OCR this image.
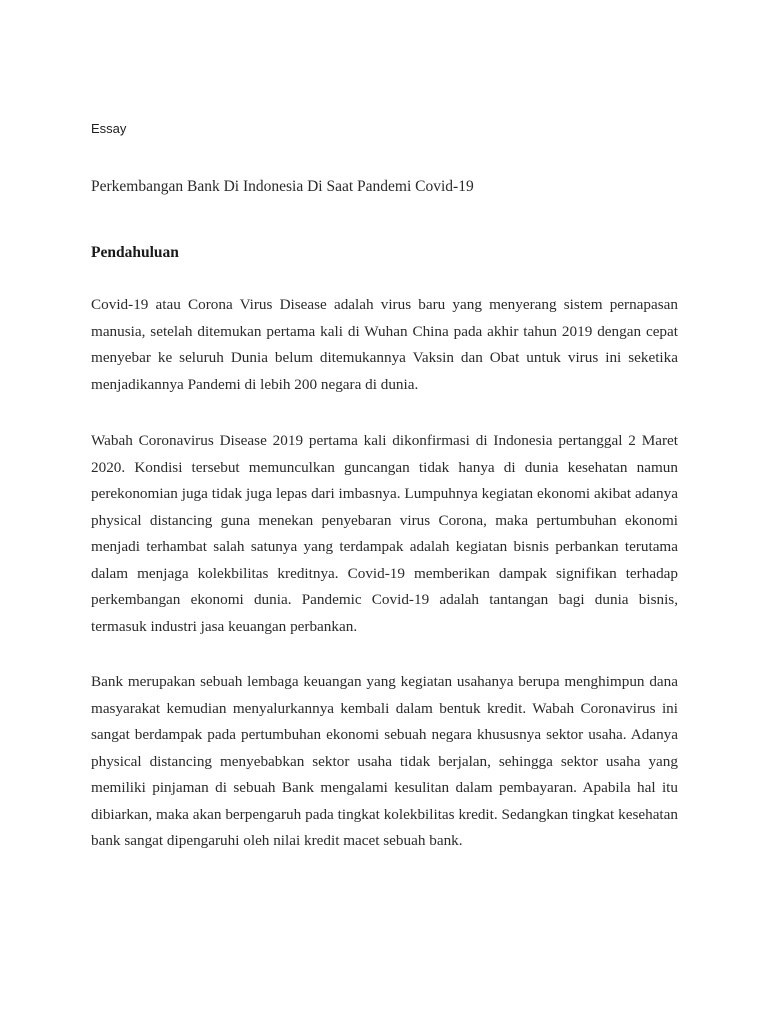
Essay
Perkembangan Bank Di Indonesia Di Saat Pandemi Covid-19
Pendahuluan

Covid-19 atau Corona Virus Disease adalah virus baru yang menyerang sistem pernapasan manusia, setelah ditemukan pertama kali di Wuhan China pada akhir tahun 2019 dengan cepat menyebar ke seluruh Dunia belum ditemukannya Vaksin dan Obat untuk virus ini seketika menjadikannya Pandemi di lebih 200 negara di dunia.

Wabah Coronavirus Disease 2019 pertama kali dikonfirmasi di Indonesia pertanggal 2 Maret 2020. Kondisi tersebut memunculkan guncangan tidak hanya di dunia kesehatan namun perekonomian juga tidak juga lepas dari imbasnya. Lumpuhnya kegiatan ekonomi akibat adanya physical distancing guna menekan penyebaran virus Corona, maka pertumbuhan ekonomi menjadi terhambat salah satunya yang terdampak adalah kegiatan bisnis perbankan terutama dalam menjaga kolekbilitas kreditnya. Covid-19 memberikan dampak signifikan terhadap perkembangan ekonomi dunia. Pandemic Covid-19 adalah tantangan bagi dunia bisnis, termasuk industri jasa keuangan perbankan.

Bank merupakan sebuah lembaga keuangan yang kegiatan usahanya berupa menghimpun dana masyarakat kemudian menyalurkannya kembali dalam bentuk kredit. Wabah Coronavirus ini sangat berdampak pada pertumbuhan ekonomi sebuah negara khususnya sektor usaha. Adanya physical distancing menyebabkan sektor usaha tidak berjalan, sehingga sektor usaha yang memiliki pinjaman di sebuah Bank mengalami kesulitan dalam pembayaran. Apabila hal itu dibiarkan, maka akan berpengaruh pada tingkat kolekbilitas kredit. Sedangkan tingkat kesehatan bank sangat dipengaruhi oleh nilai kredit macet sebuah bank.
